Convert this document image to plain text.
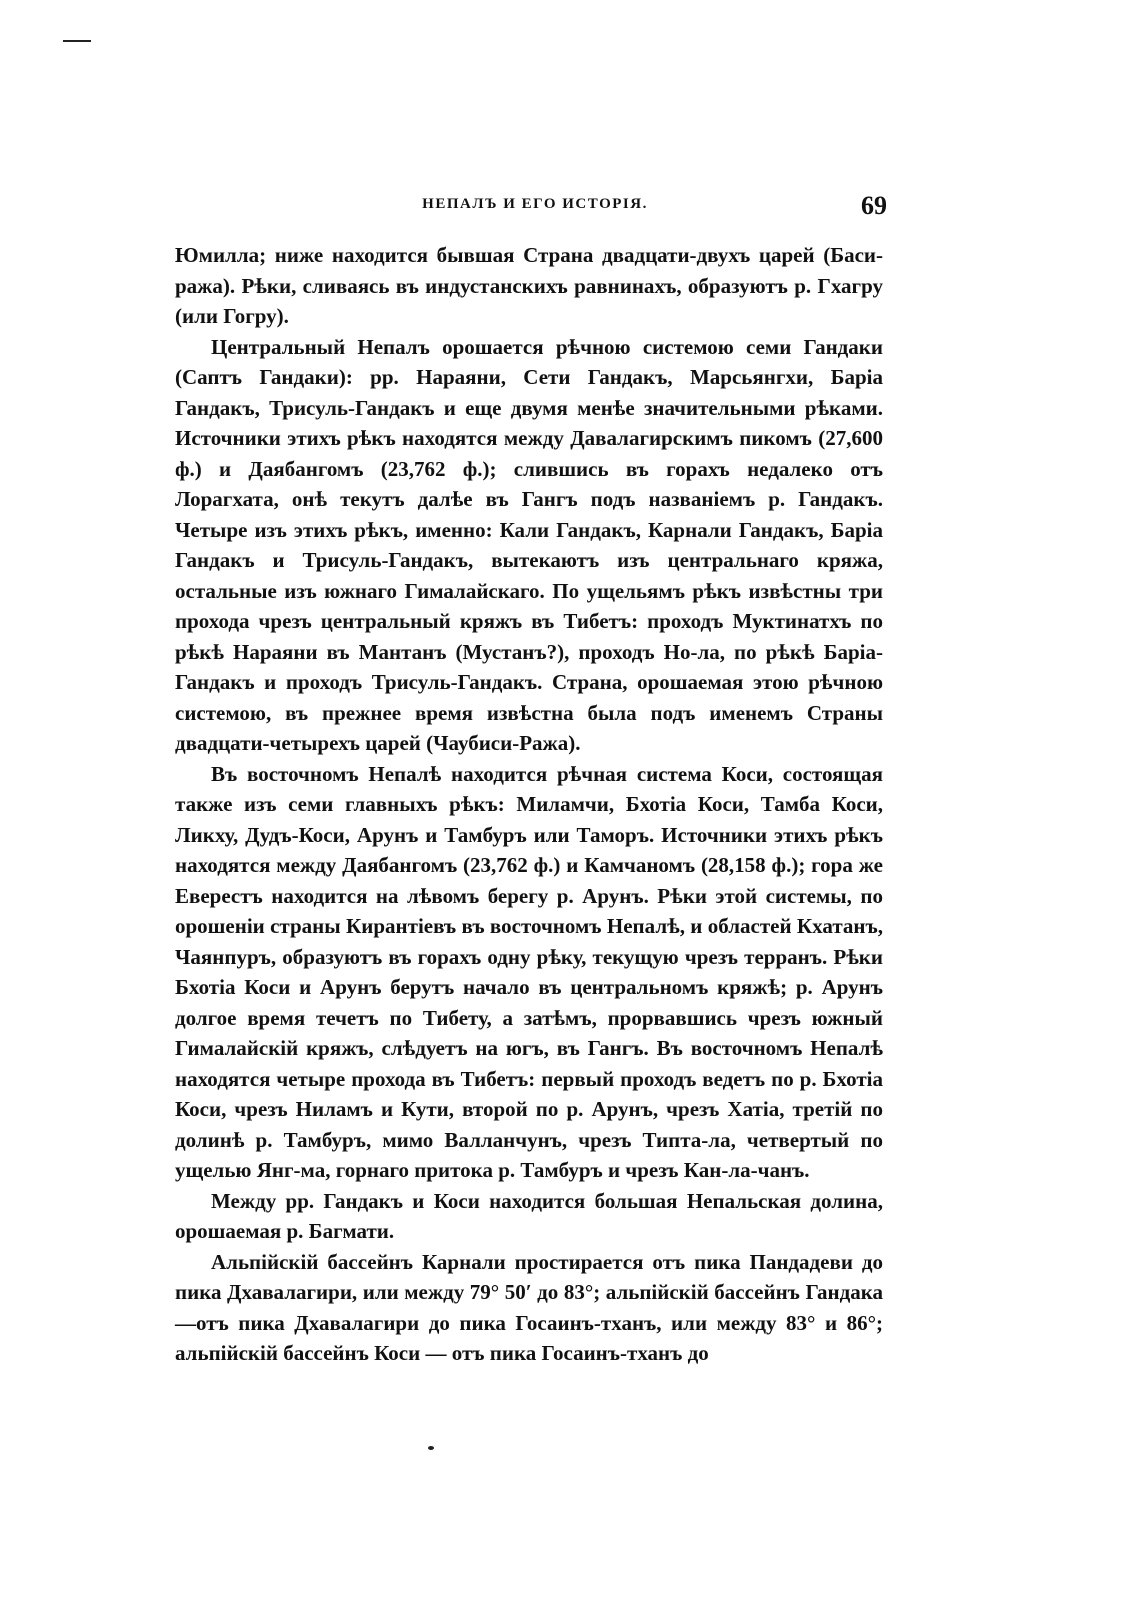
НЕПАЛЪ И ЕГО ИСТОРІЯ.	69

Юмилла; ниже находится бывшая Страна двадцати-двухъ царей (Баси-ража). Рѣки, сливаясь въ индустанскихъ равнинахъ, образуютъ р. Гхагру (или Гогру).

Центральный Непалъ орошается рѣчною системою семи Гандаки (Саптъ Гандаки): рр. Нараяни, Сети Гандакъ, Марсьянгхи, Баріа Гандакъ, Трисуль-Гандакъ и еще двумя менѣе значительными рѣками. Источники этихъ рѣкъ находятся между Давалагирскимъ пикомъ (27,600 ф.) и Даябангомъ (23,762 ф.); слившись въ горахъ недалеко отъ Лорагхата, онѣ текутъ далѣе въ Гангъ подъ названіемъ р. Гандакъ. Четыре изъ этихъ рѣкъ, именно: Кали Гандакъ, Карнали Гандакъ, Баріа Гандакъ и Трисуль-Гандакъ, вытекаютъ изъ центральнаго кряжа, остальные изъ южнаго Гималайскаго. По ущельямъ рѣкъ извѣстны три прохода чрезъ центральный кряжъ въ Тибетъ: проходъ Муктинатхъ по рѣкѣ Нараяни въ Мантанъ (Мустанъ?), проходъ Но-ла, по рѣкѣ Баріа-Гандакъ и проходъ Трисуль-Гандакъ. Страна, орошаемая этою рѣчною системою, въ прежнее время извѣстна была подъ именемъ Страны двадцати-четырехъ царей (Чаубиси-Ража).

Въ восточномъ Непалѣ находится рѣчная система Коси, состоящая также изъ семи главныхъ рѣкъ: Миламчи, Бхотіа Коси, Тамба Коси, Ликху, Дудъ-Коси, Арунъ и Тамбуръ или Таморъ. Источники этихъ рѣкъ находятся между Даябангомъ (23,762 ф.) и Камчаномъ (28,158 ф.); гора же Еверестъ находится на лѣвомъ берегу р. Арунъ. Рѣки этой системы, по орошеніи страны Кирантіевъ въ восточномъ Непалѣ, и областей Кхатанъ, Чаянпуръ, образуютъ въ горахъ одну рѣку, текущую чрезъ терранъ. Рѣки Бхотіа Коси и Арунъ берутъ начало въ центральномъ кряжѣ; р. Арунъ долгое время течетъ по Тибету, а затѣмъ, прорвавшись чрезъ южный Гималайскій кряжъ, слѣдуетъ на югъ, въ Гангъ. Въ восточномъ Непалѣ находятся четыре прохода въ Тибетъ: первый проходъ ведетъ по р. Бхотіа Коси, чрезъ Ниламъ и Кути, второй по р. Арунъ, чрезъ Хатіа, третій по долинѣ р. Тамбуръ, мимо Валланчунъ, чрезъ Типта-ла, четвертый по ущелью Янг-ма, горнаго притока р. Тамбуръ и чрезъ Кан-ла-чанъ.

Между рр. Гандакъ и Коси находится большая Непальская долина, орошаемая р. Багмати.

Альпійскій бассейнъ Карнали простирается отъ пика Пандадеви до пика Дхавалагири, или между 79° 50′ до 83°; альпійскій бассейнъ Гандака—отъ пика Дхавалагири до пика Госаинъ-тханъ, или между 83° и 86°; альпійскій бассейнъ Коси — отъ пика Госаинъ-тханъ до
